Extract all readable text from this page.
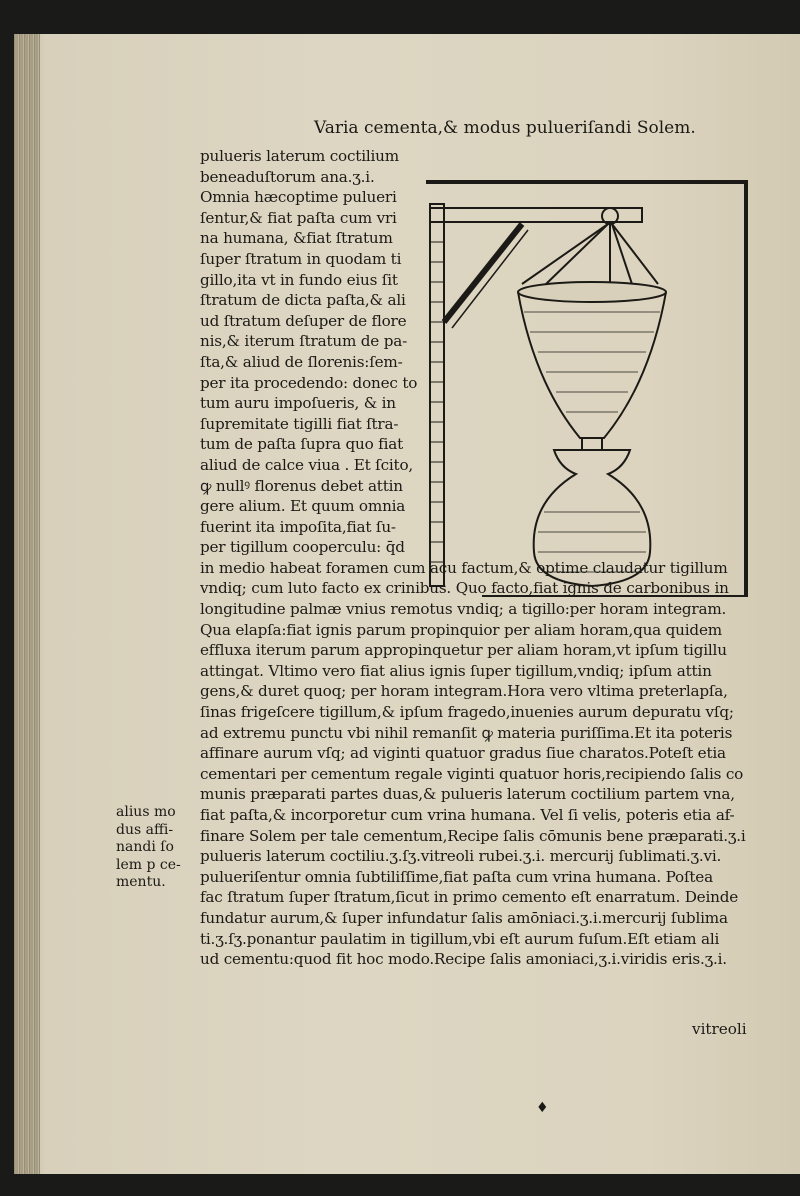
Varia cementa,& modus pulueriſandi Solem.
pulueris laterum coctilium
beneaduſtorum ana.ʒ.i.
Omnia hæcoptime pulueri
ſentur,& fiat paſta cum vri
na humana, &fiat ſtratum
ſuper ſtratum in quodam ti
gillo,ita vt in fundo eius ſit
ſtratum de dicta paſta,& ali
ud ſtratum deſuper de flore
nis,& iterum ſtratum de pa-
ſta,& aliud de ſlorenis:ſem-
per ita procedendo: donec to
tum auru impoſueris, & in
ſupremitate tigilli fiat ſtra-
tum de paſta ſupra quo fiat
aliud de calce viua . Et ſcito,
ꝙ nullꝰ florenus debet attin
gere alium. Et quum omnia
fuerint ita impoſita,fiat ſu-
per tigillum cooperculu: q̄d
in medio habeat foramen cum acu factum,& optime claudatur tigillum
vndiq; cum luto facto ex crinibus. Quo facto,fiat ignis de carbonibus in
longitudine palmæ vnius remotus vndiq; a tigillo:per horam integram.
Qua elapſa:fiat ignis parum propinquior per aliam horam,qua quidem
effluxa iterum parum appropinquetur per aliam horam,vt ipſum tigillu
attingat. Vltimo vero fiat alius ignis ſuper tigillum,vndiq; ipſum attin
gens,& duret quoq; per horam integram.Hora vero vltima preterlapſa,
ſinas frigeſcere tigillum,& ipſum fragedo,inuenies aurum depuratu vſq;
ad extremu punctu vbi nihil remanſit ꝙ materia puriſſima.Et ita poteris
affinare aurum vſq; ad viginti quatuor gradus ſiue charatos.Poteſt etia
cementari per cementum regale viginti quatuor horis,recipiendo ſalis co
munis præparati partes duas,& pulueris laterum coctilium partem vna,
fiat paſta,& incorporetur cum vrina humana. Vel ſi velis, poteris etia af-
finare Solem per tale cementum,Recipe ſalis cōmunis bene præparati.ʒ.i
pulueris laterum coctiliu.ʒ.ſʒ.vitreoli rubei.ʒ.i. mercurij ſublimati.ʒ.vi.
pulueriſentur omnia ſubtiliſſime,fiat paſta cum vrina humana. Poſtea
fac ſtratum ſuper ſtratum,ſicut in primo cemento eſt enarratum. Deinde
fundatur aurum,& ſuper infundatur ſalis amōniaci.ʒ.i.mercurij ſublima
ti.ʒ.ſʒ.ponantur paulatim in tigillum,vbi eſt aurum fuſum.Eſt etiam ali
ud cementu:quod fit hoc modo.Recipe ſalis amoniaci,ʒ.i.viridis eris.ʒ.i.
vitreoli
alius mo
dus affi-
nandi ſo
lem p ce-
mentu.
♦
